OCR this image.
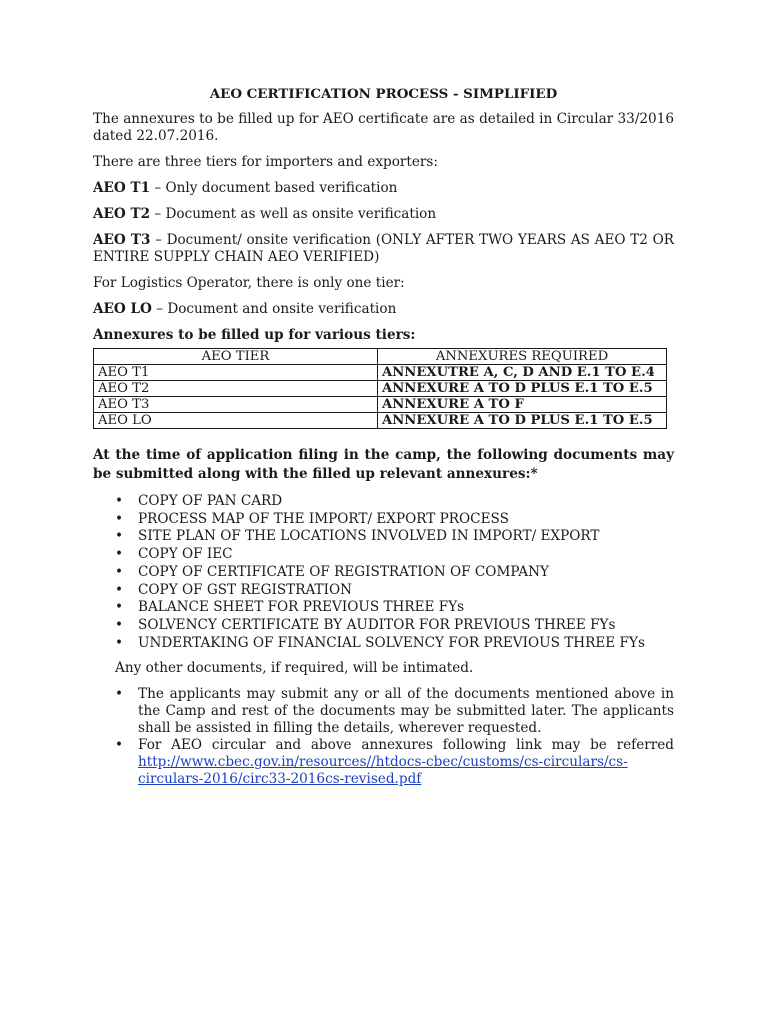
AEO CERTIFICATION PROCESS - SIMPLIFIED

The annexures to be filled up for AEO certificate are as detailed in Circular 33/2016 dated 22.07.2016.

There are three tiers for importers and exporters:

AEO T1 – Only document based verification

AEO T2 – Document as well as onsite verification

AEO T3 – Document/ onsite verification (ONLY AFTER TWO YEARS AS AEO T2 OR ENTIRE SUPPLY CHAIN AEO VERIFIED)

For Logistics Operator, there is only one tier:

AEO LO – Document and onsite verification

Annexures to be filled up for various tiers:

AEO TIER	ANNEXURES REQUIRED
AEO T1	ANNEXUTRE A, C, D AND E.1 TO E.4
AEO T2	ANNEXURE A TO D PLUS E.1 TO E.5
AEO T3	ANNEXURE A TO F
AEO LO	ANNEXURE A TO D PLUS E.1 TO E.5

At the time of application filing in the camp, the following documents may be submitted along with the filled up relevant annexures:*

• COPY OF PAN CARD
• PROCESS MAP OF THE IMPORT/ EXPORT PROCESS
• SITE PLAN OF THE LOCATIONS INVOLVED IN IMPORT/ EXPORT
• COPY OF IEC
• COPY OF CERTIFICATE OF REGISTRATION OF COMPANY
• COPY OF GST REGISTRATION
• BALANCE SHEET FOR PREVIOUS THREE FYs
• SOLVENCY CERTIFICATE BY AUDITOR FOR PREVIOUS THREE FYs
• UNDERTAKING OF FINANCIAL SOLVENCY FOR PREVIOUS THREE FYs

Any other documents, if required, will be intimated.

• The applicants may submit any or all of the documents mentioned above in the Camp and rest of the documents may be submitted later. The applicants shall be assisted in filling the details, wherever requested.
• For AEO circular and above annexures following link may be referred http://www.cbec.gov.in/resources//htdocs-cbec/customs/cs-circulars/cs-circulars-2016/circ33-2016cs-revised.pdf
